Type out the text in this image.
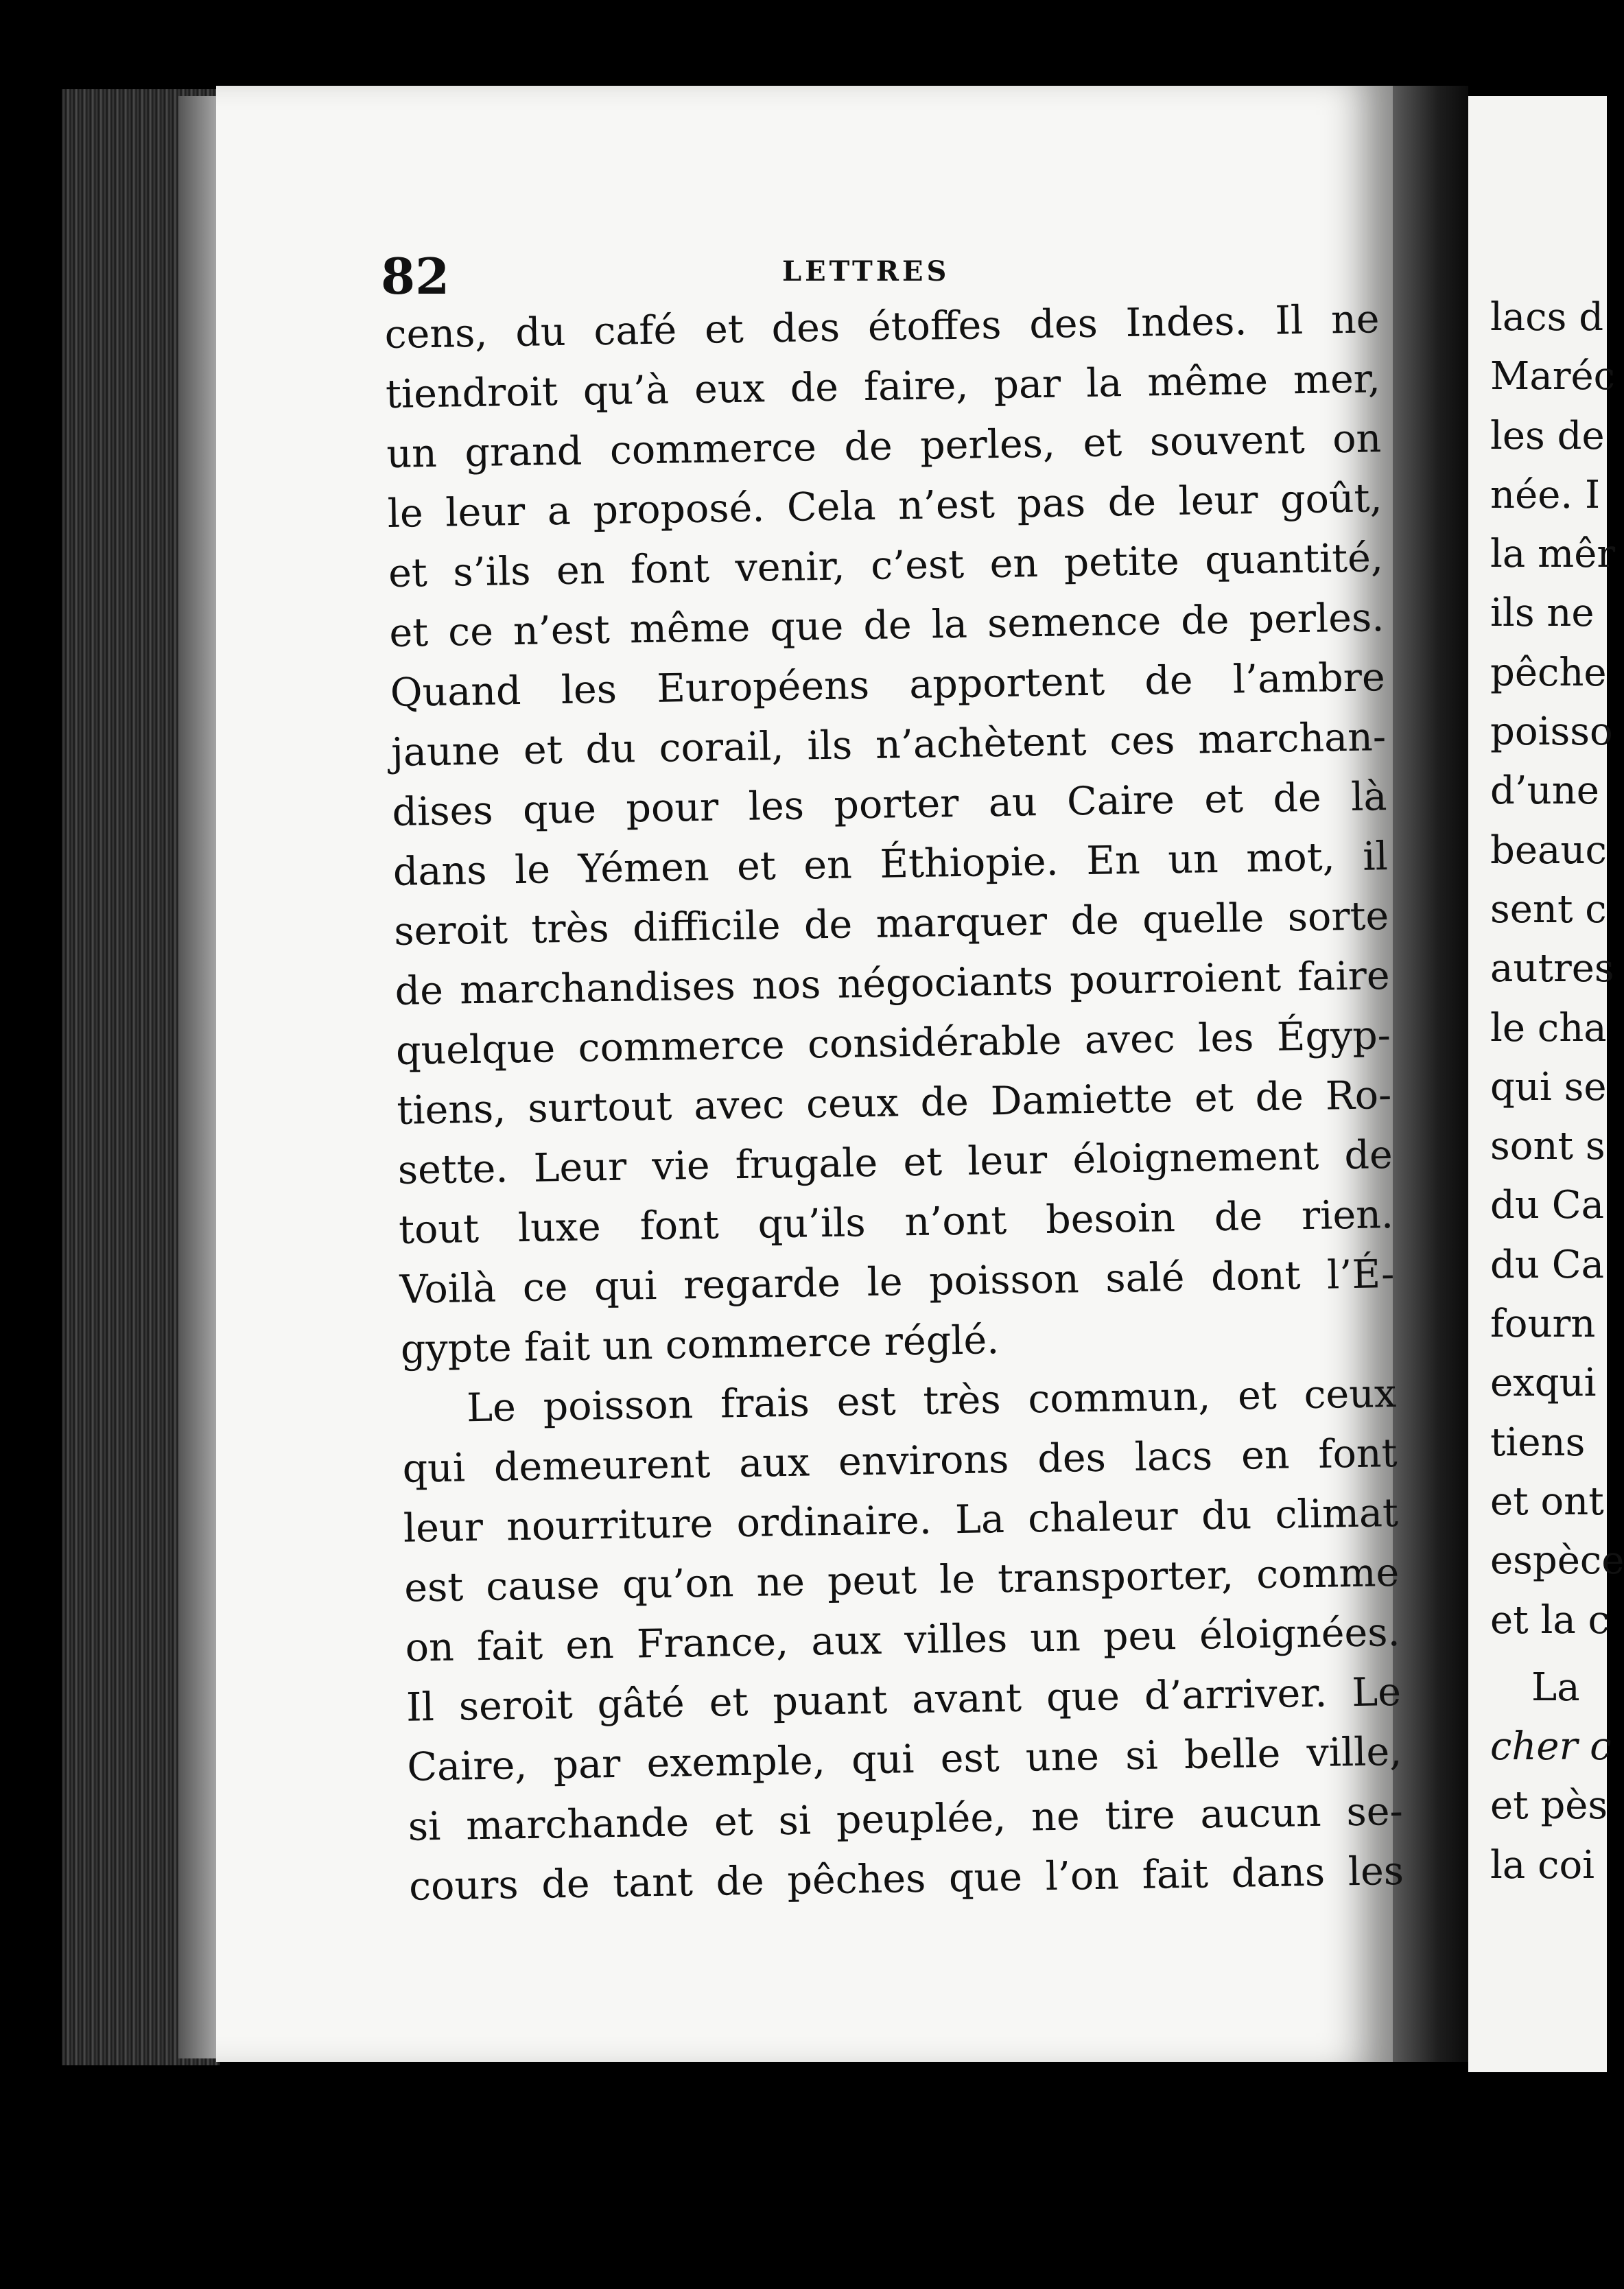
82	LETTRES
cens, du café et des étoffes des Indes. Il ne
tiendroit qu’à eux de faire, par la même mer,
un grand commerce de perles, et souvent on
le leur a proposé. Cela n’est pas de leur goût,
et s’ils en font venir, c’est en petite quantité,
et ce n’est même que de la semence de perles.
Quand les Européens apportent de l’ambre
jaune et du corail, ils n’achètent ces marchan-
dises que pour les porter au Caire et de là
dans le Yémen et en Éthiopie. En un mot, il
seroit très difficile de marquer de quelle sorte
de marchandises nos négociants pourroient faire
quelque commerce considérable avec les Égyp-
tiens, surtout avec ceux de Damiette et de Ro-
sette. Leur vie frugale et leur éloignement de
tout luxe font qu’ils n’ont besoin de rien.
Voilà ce qui regarde le poisson salé dont l’É-
gypte fait un commerce réglé.
Le poisson frais est très commun, et ceux
qui demeurent aux environs des lacs en font
leur nourriture ordinaire. La chaleur du climat
est cause qu’on ne peut le transporter, comme
on fait en France, aux villes un peu éloignées.
Il seroit gâté et puant avant que d’arriver. Le
Caire, par exemple, qui est une si belle ville,
si marchande et si peuplée, ne tire aucun se-
cours de tant de pêches que l’on fait dans les
lacs d
Maréc
les de
née. I
la mêr
ils ne
pêche
poisso
d’une
beauc
sent c
autres
le cha
qui se
sont s
du Ca
du Ca
fourn
exqui
tiens
et ont
espèce
et la c
La
cher c
et pès
la coi
